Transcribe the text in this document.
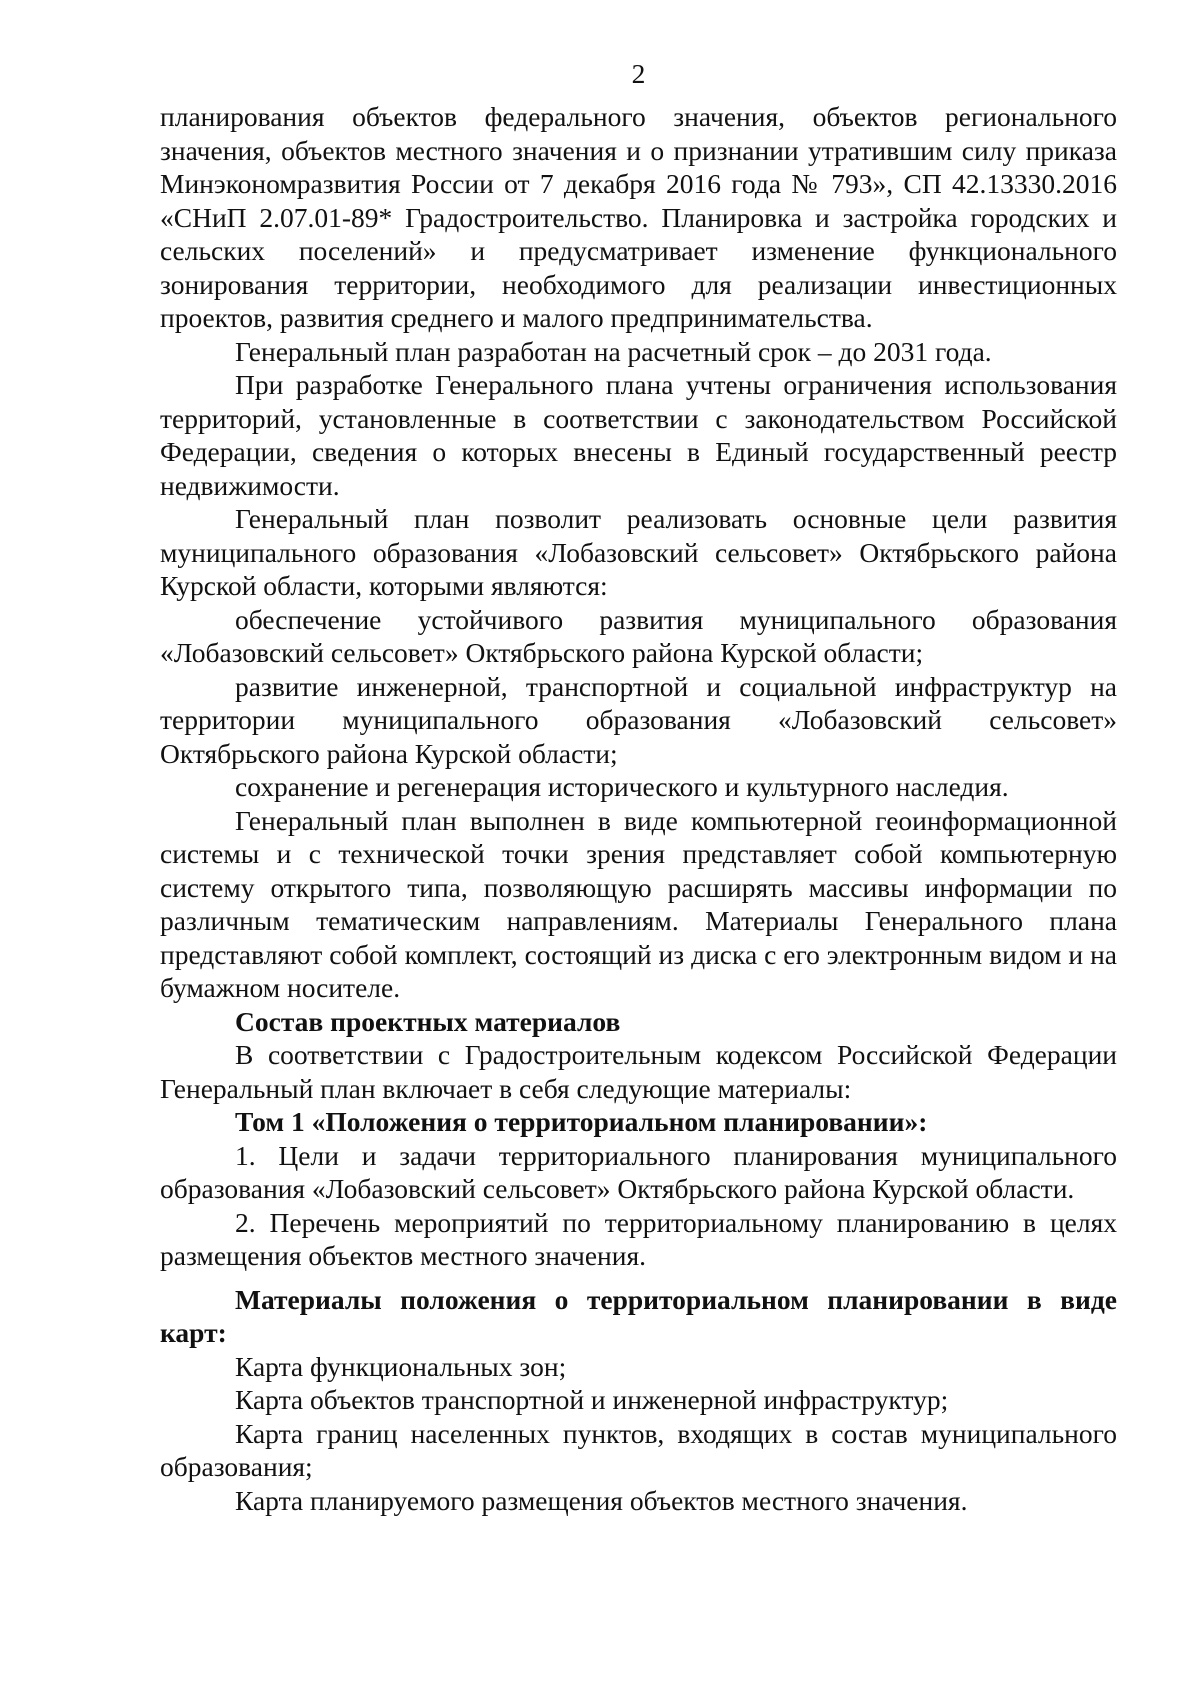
2

планирования объектов федерального значения, объектов регионального значения, объектов местного значения и о признании утратившим силу приказа Минэкономразвития России от 7 декабря 2016 года № 793», СП 42.13330.2016 «СНиП 2.07.01-89* Градостроительство. Планировка и застройка городских и сельских поселений» и предусматривает изменение функционального зонирования территории, необходимого для реализации инвестиционных проектов, развития среднего и малого предпринимательства.

Генеральный план разработан на расчетный срок – до 2031 года.

При разработке Генерального плана учтены ограничения использования территорий, установленные в соответствии с законодательством Российской Федерации, сведения о которых внесены в Единый государственный реестр недвижимости.

Генеральный план позволит реализовать основные цели развития муниципального образования «Лобазовский сельсовет» Октябрьского района Курской области, которыми являются:

обеспечение устойчивого развития муниципального образования «Лобазовский сельсовет» Октябрьского района Курской области;

развитие инженерной, транспортной и социальной инфраструктур на территории муниципального образования «Лобазовский сельсовет» Октябрьского района Курской области;

сохранение и регенерация исторического и культурного наследия.

Генеральный план выполнен в виде компьютерной геоинформационной системы и с технической точки зрения представляет собой компьютерную систему открытого типа, позволяющую расширять массивы информации по различным тематическим направлениям. Материалы Генерального плана представляют собой комплект, состоящий из диска с его электронным видом и на бумажном носителе.

Состав проектных материалов

В соответствии с Градостроительным кодексом Российской Федерации Генеральный план включает в себя следующие материалы:

Том 1 «Положения о территориальном планировании»:

1. Цели и задачи территориального планирования муниципального образования «Лобазовский сельсовет» Октябрьского района Курской области.

2. Перечень мероприятий по территориальному планированию в целях размещения объектов местного значения.

Материалы положения о территориальном планировании в виде карт:

Карта функциональных зон;

Карта объектов транспортной и инженерной инфраструктур;

Карта границ населенных пунктов, входящих в состав муниципального образования;

Карта планируемого размещения объектов местного значения.
